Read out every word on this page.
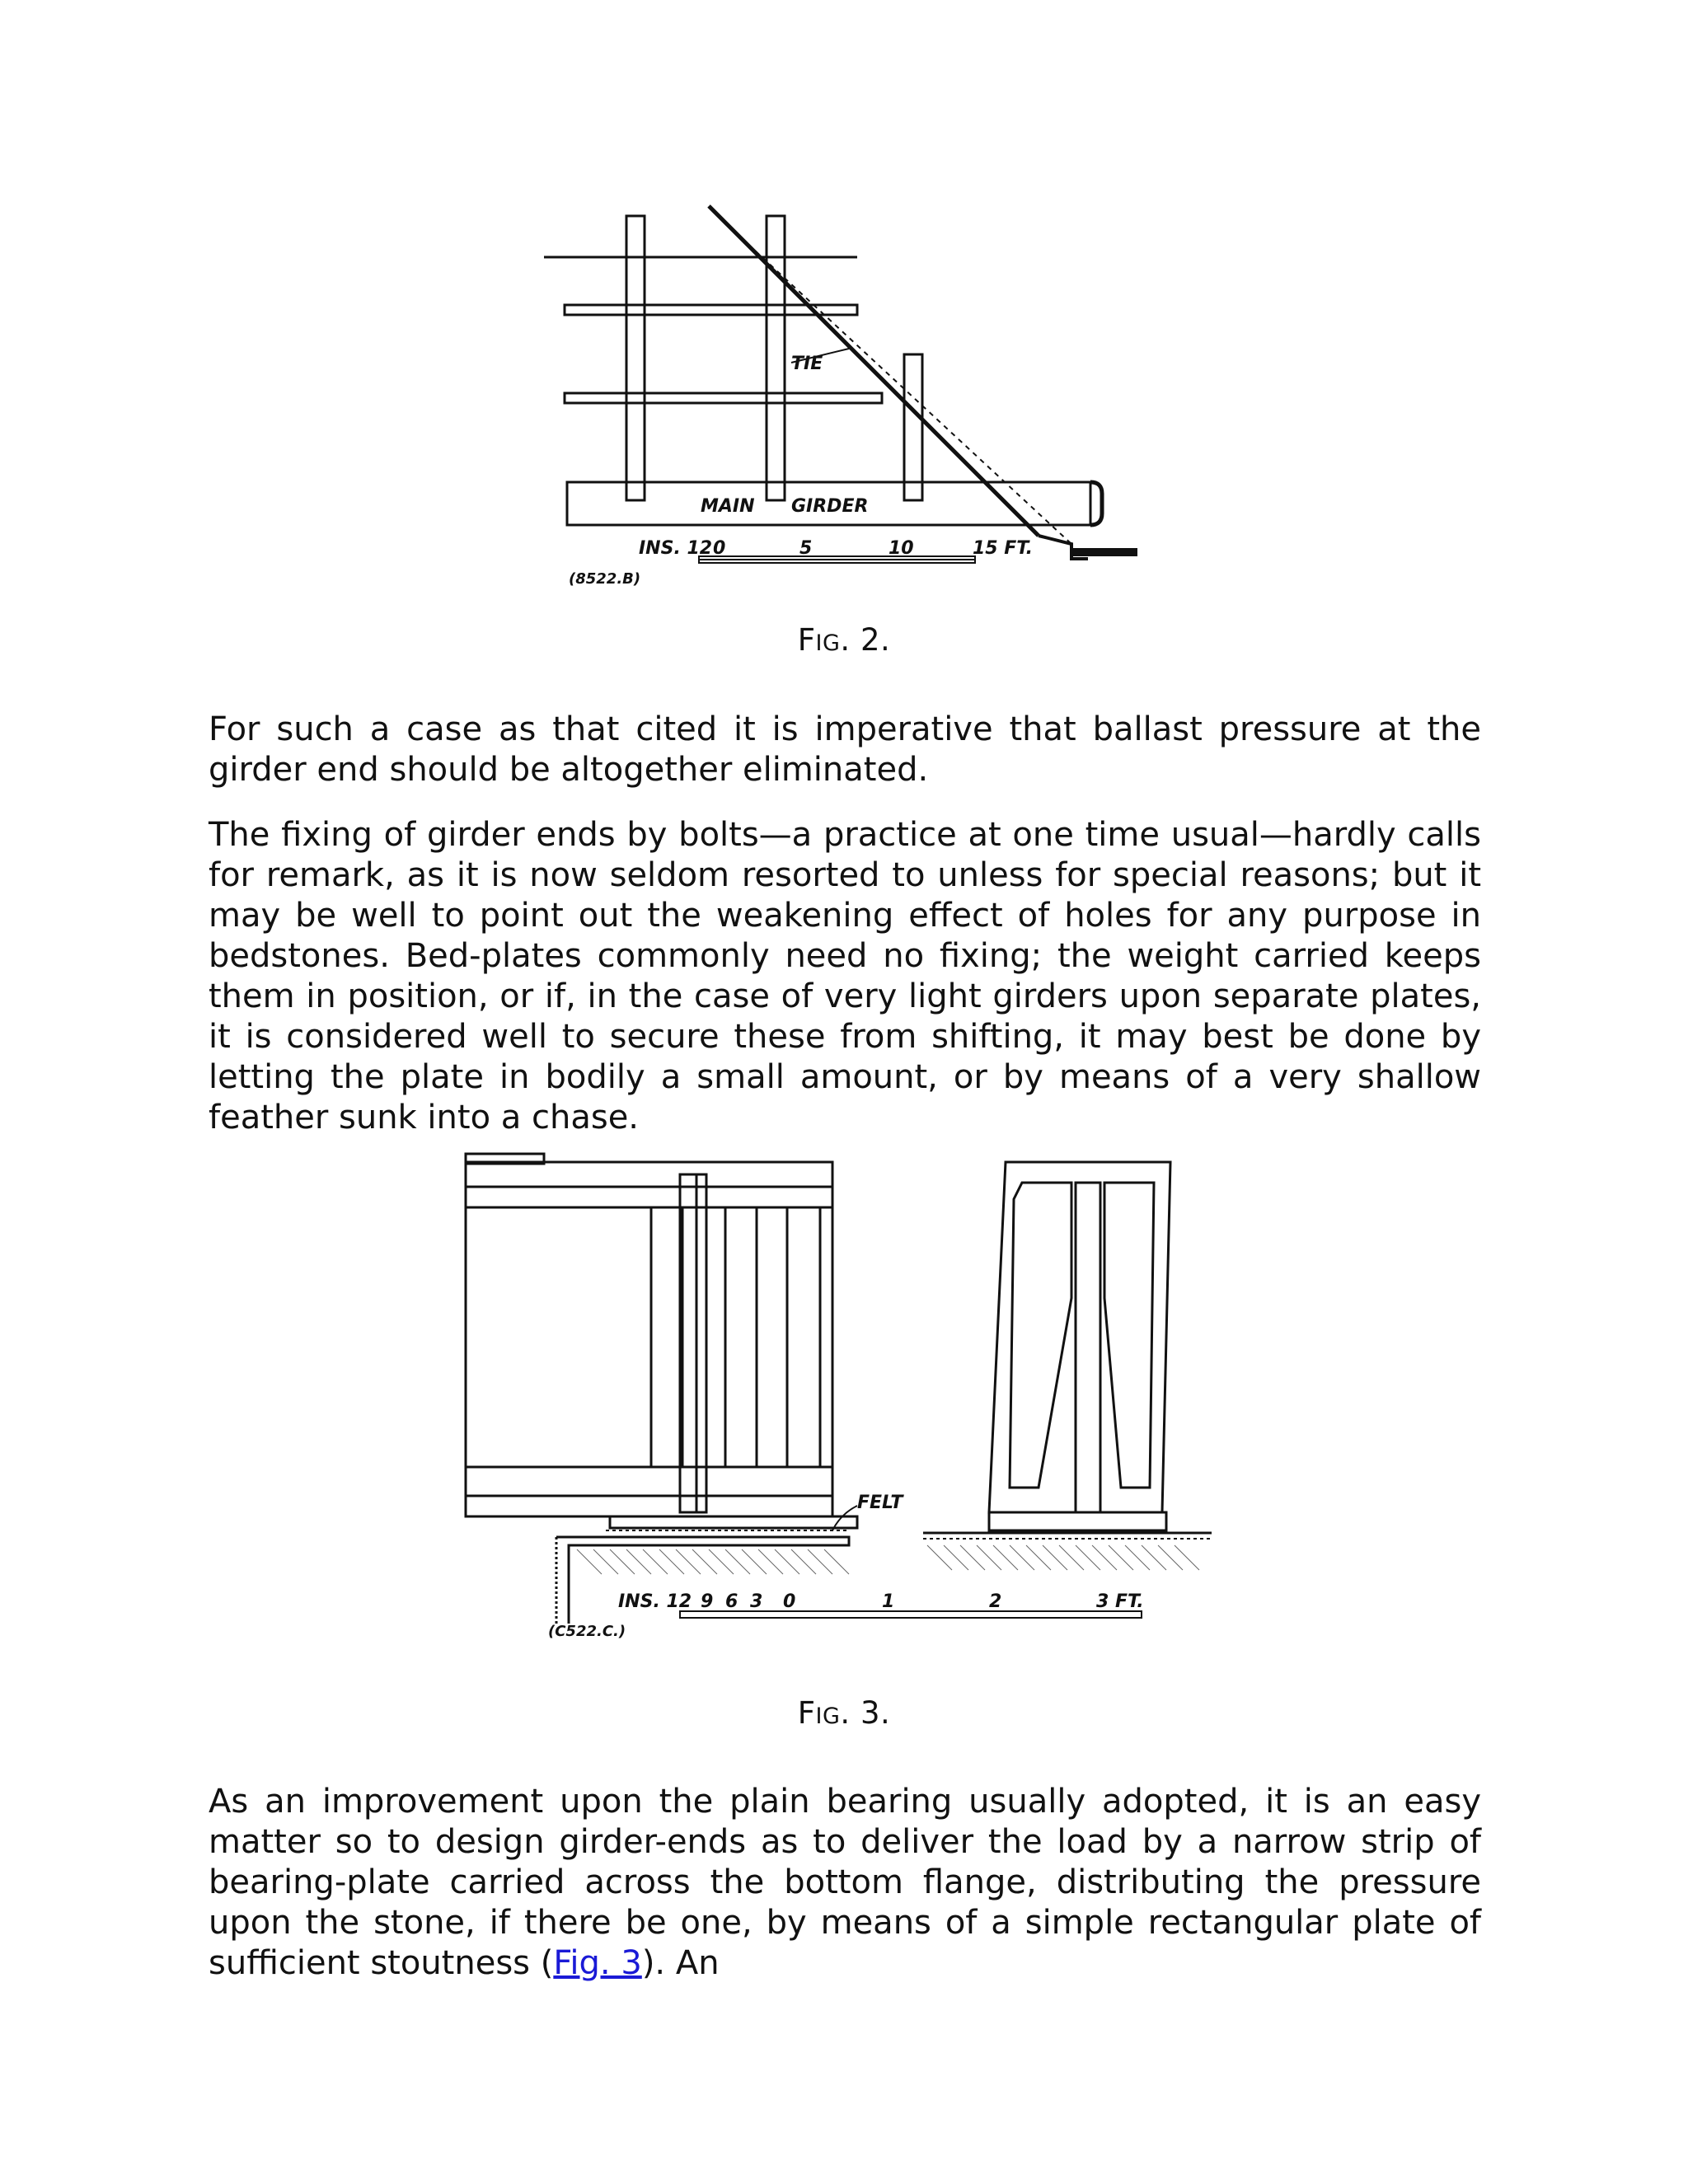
TIE
MAIN GIRDER
INS. 12 0	5	10	15 FT.
(8522.B)
FIG. 2.

For such a case as that cited it is imperative that ballast pressure at the girder end should be altogether eliminated.

The fixing of girder ends by bolts—a practice at one time usual—hardly calls for remark, as it is now seldom resorted to unless for special reasons; but it may be well to point out the weakening effect of holes for any purpose in bedstones. Bed-plates commonly need no fixing; the weight carried keeps them in position, or if, in the case of very light girders upon separate plates, it is considered well to secure these from shifting, it may best be done by letting the plate in bodily a small amount, or by means of a very shallow feather sunk into a chase.

FELT
INS. 12 9 6 3 0	1	2	3 FT.
(C522.C.)
FIG. 3.

As an improvement upon the plain bearing usually adopted, it is an easy matter so to design girder-ends as to deliver the load by a narrow strip of bearing-plate carried across the bottom flange, distributing the pressure upon the stone, if there be one, by means of a simple rectangular plate of sufficient stoutness (Fig. 3). An
